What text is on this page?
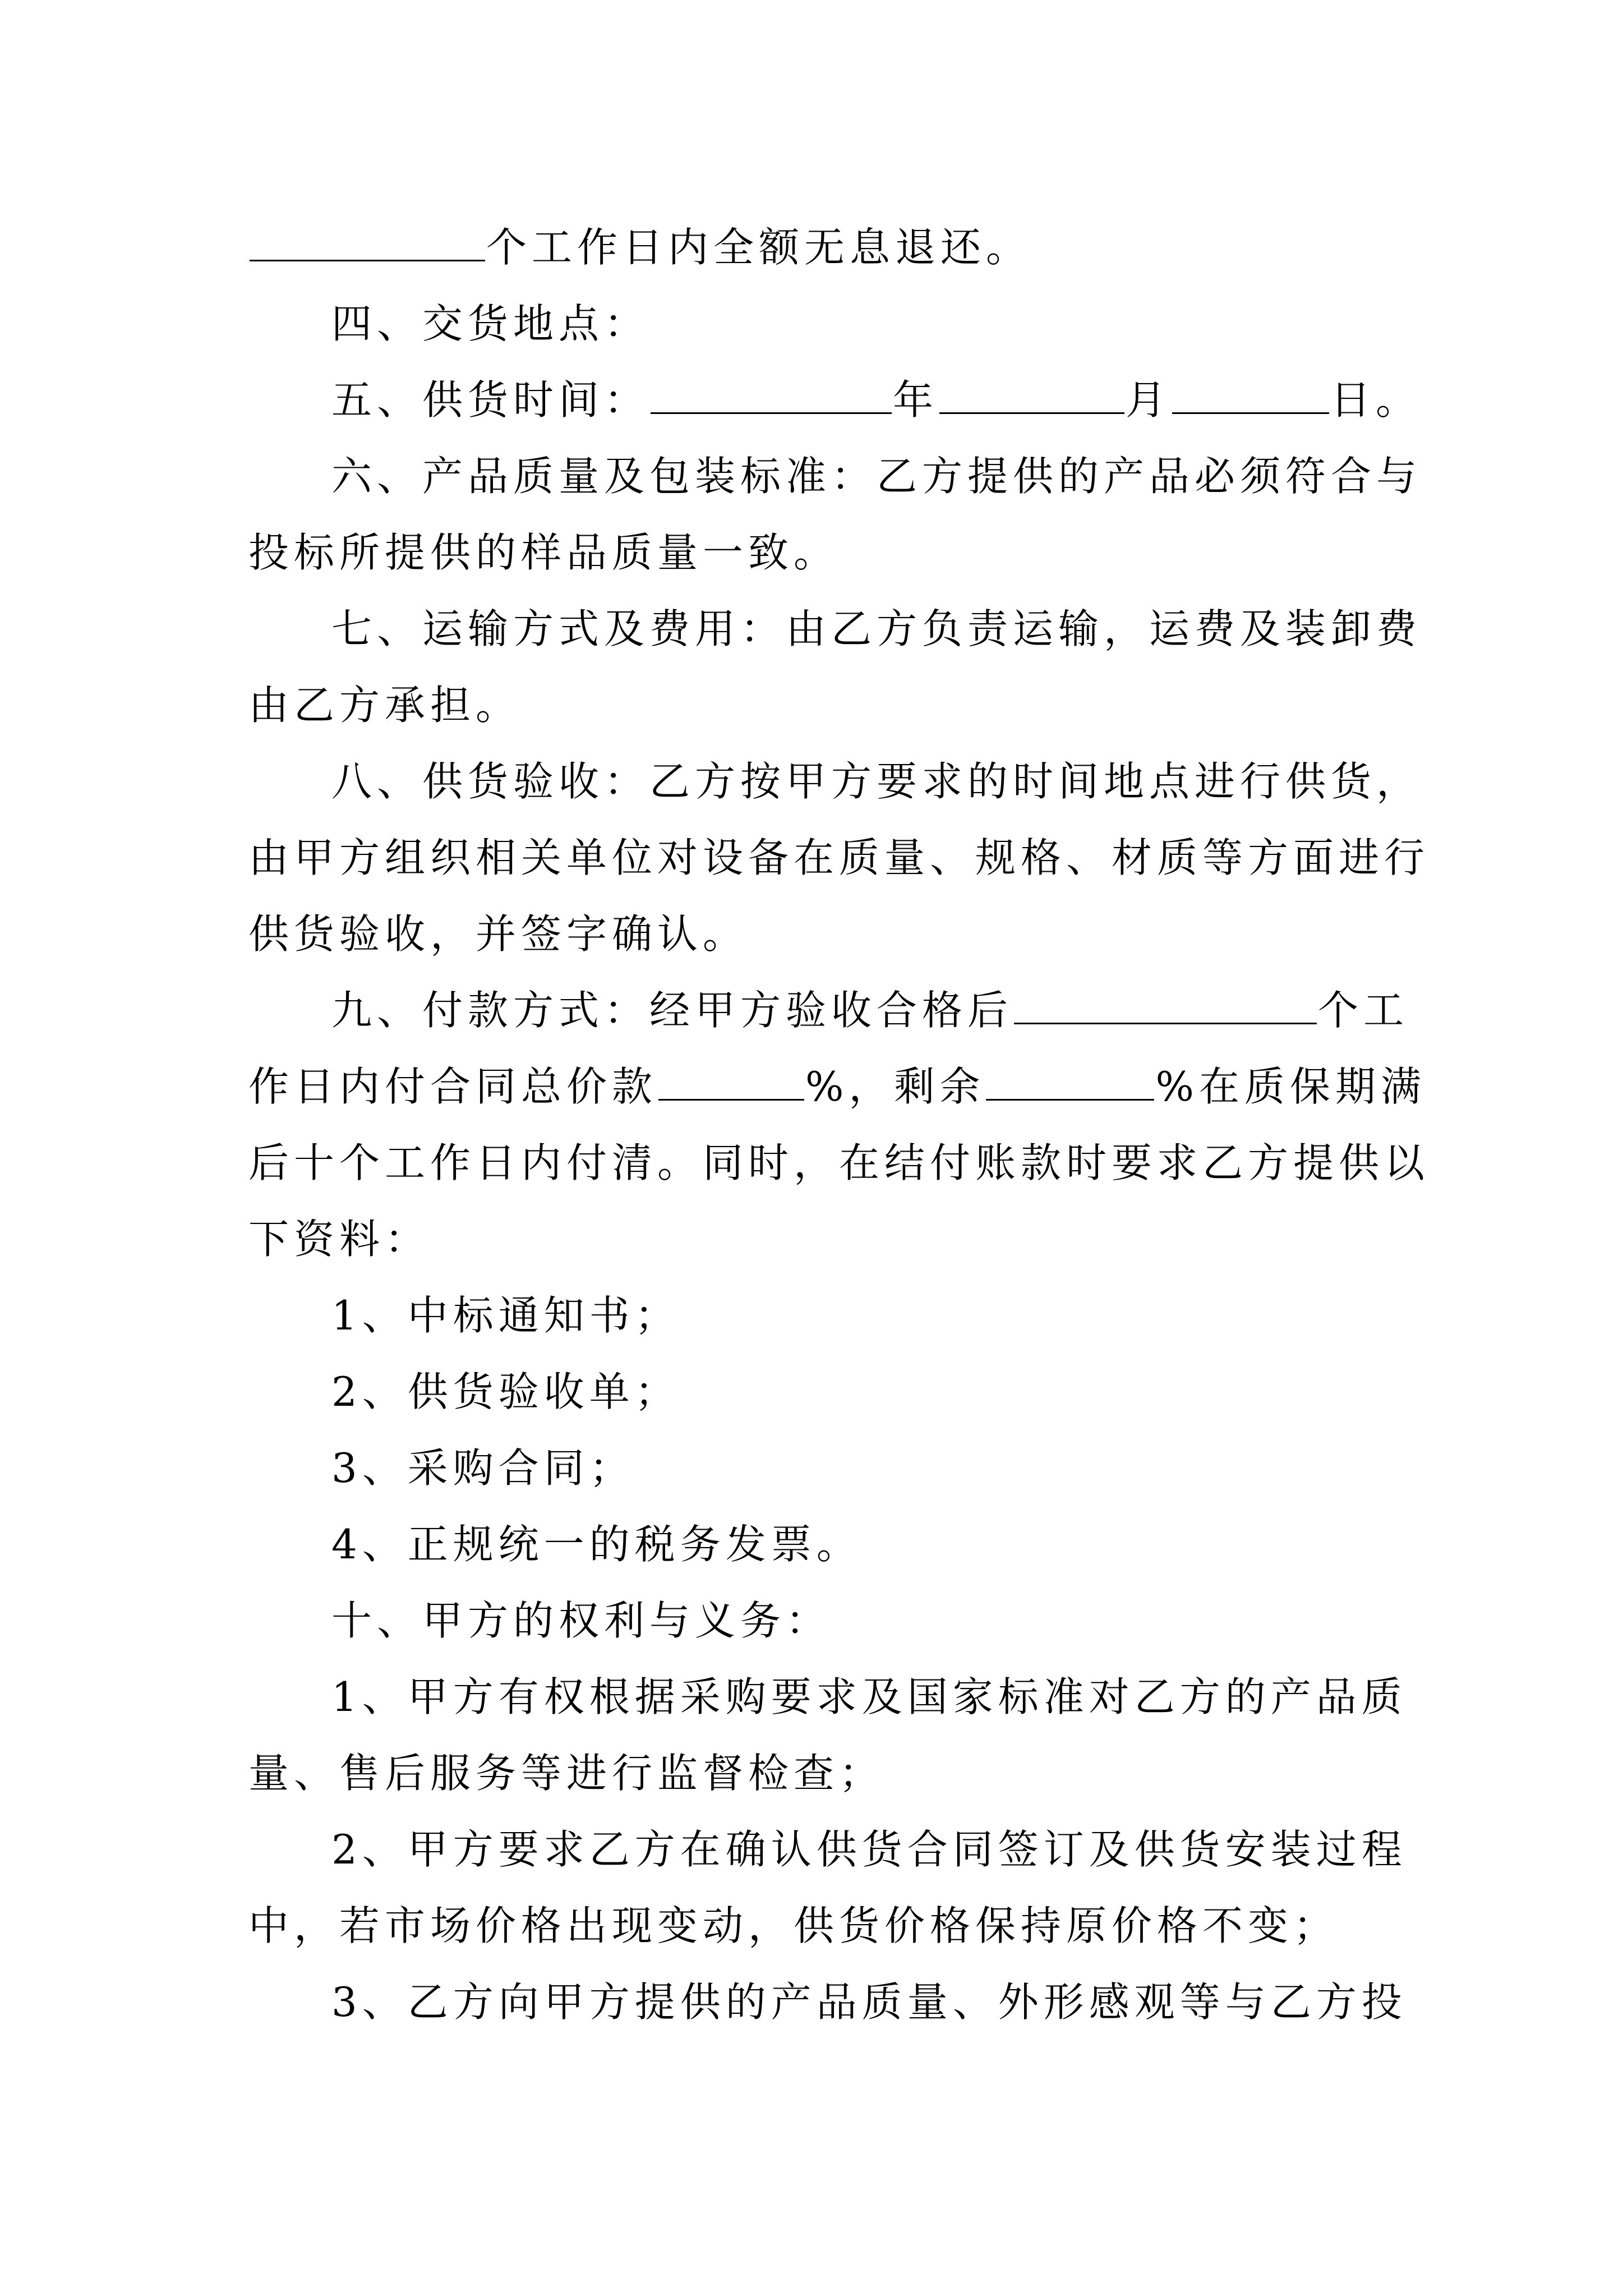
个工作日内全额无息退还。
四、交货地点：
五、供货时间：	年	月	日。
六、产品质量及包装标准：乙方提供的产品必须符合与
投标所提供的样品质量一致。
七、运输方式及费用：由乙方负责运输，运费及装卸费
由乙方承担。
八、供货验收：乙方按甲方要求的时间地点进行供货，
由甲方组织相关单位对设备在质量、规格、材质等方面进行
供货验收，并签字确认。
九、付款方式：经甲方验收合格后	个工
作日内付合同总价款	%，剩余	%在质保期满
后十个工作日内付清。同时，在结付账款时要求乙方提供以
下资料：
1、中标通知书；
2、供货验收单；
3、采购合同；
4、正规统一的税务发票。
十、甲方的权利与义务：
1、甲方有权根据采购要求及国家标准对乙方的产品质
量、售后服务等进行监督检查；
2、甲方要求乙方在确认供货合同签订及供货安装过程
中，若市场价格出现变动，供货价格保持原价格不变；
3、乙方向甲方提供的产品质量、外形感观等与乙方投
